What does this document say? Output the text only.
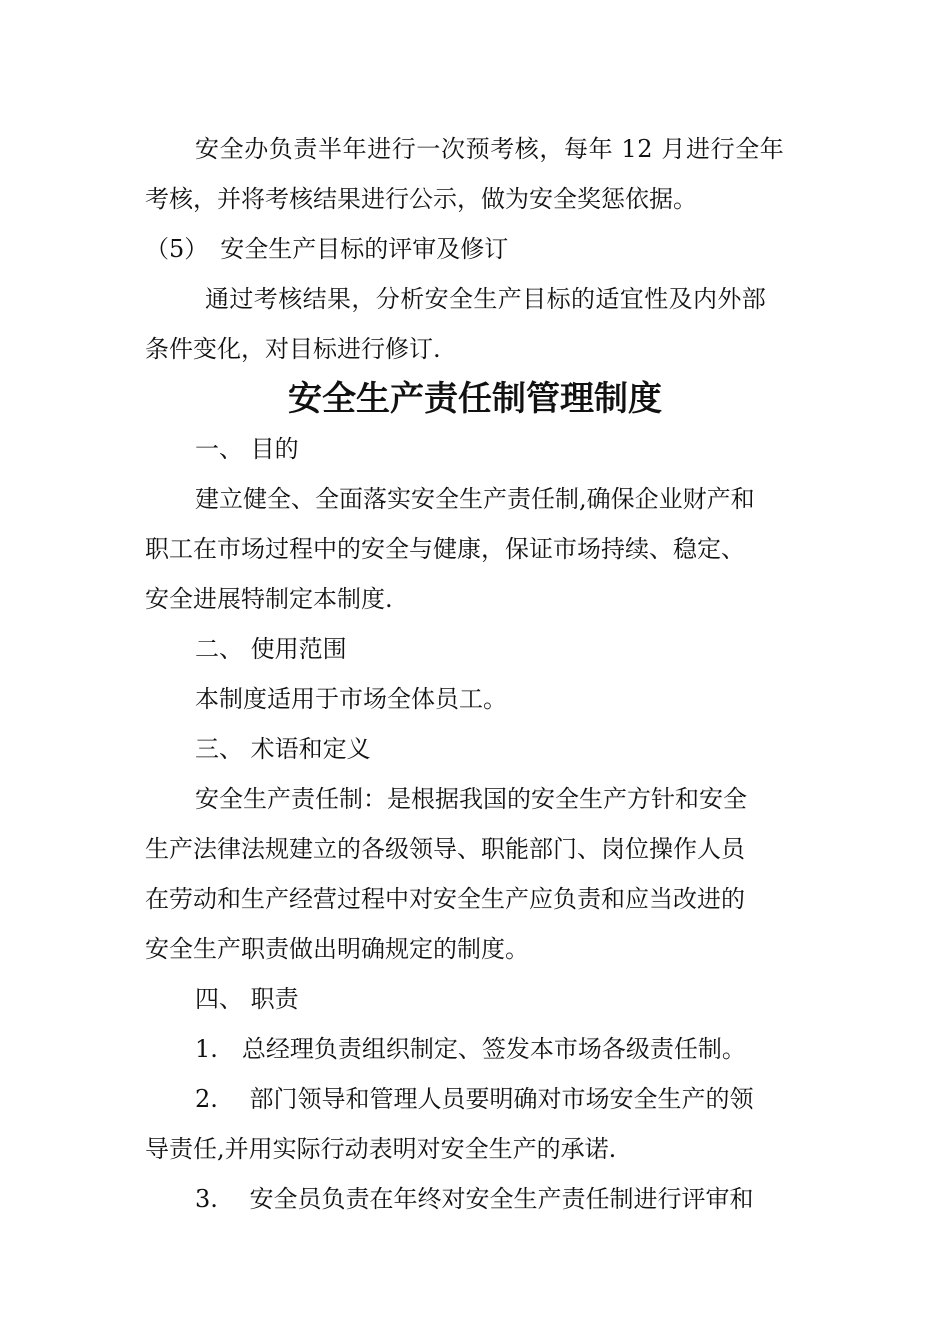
安全办负责半年进行一次预考核，每年 12 月进行全年

考核，并将考核结果进行公示，做为安全奖惩依据。

（5）　安全生产目标的评审及修订

通过考核结果，分析安全生产目标的适宜性及内外部

条件变化，对目标进行修订.

安全生产责任制管理制度

一、 目的

建立健全、全面落实安全生产责任制,确保企业财产和

职工在市场过程中的安全与健康，保证市场持续、稳定、

安全进展特制定本制度.

二、 使用范围

本制度适用于市场全体员工。

三、 术语和定义

安全生产责任制：是根据我国的安全生产方针和安全

生产法律法规建立的各级领导、职能部门、岗位操作人员

在劳动和生产经营过程中对安全生产应负责和应当改进的

安全生产职责做出明确规定的制度。

四、 职责

1.　总经理负责组织制定、签发本市场各级责任制。

2.　 部门领导和管理人员要明确对市场安全生产的领

导责任,并用实际行动表明对安全生产的承诺.

3.　 安全员负责在年终对安全生产责任制进行评审和
